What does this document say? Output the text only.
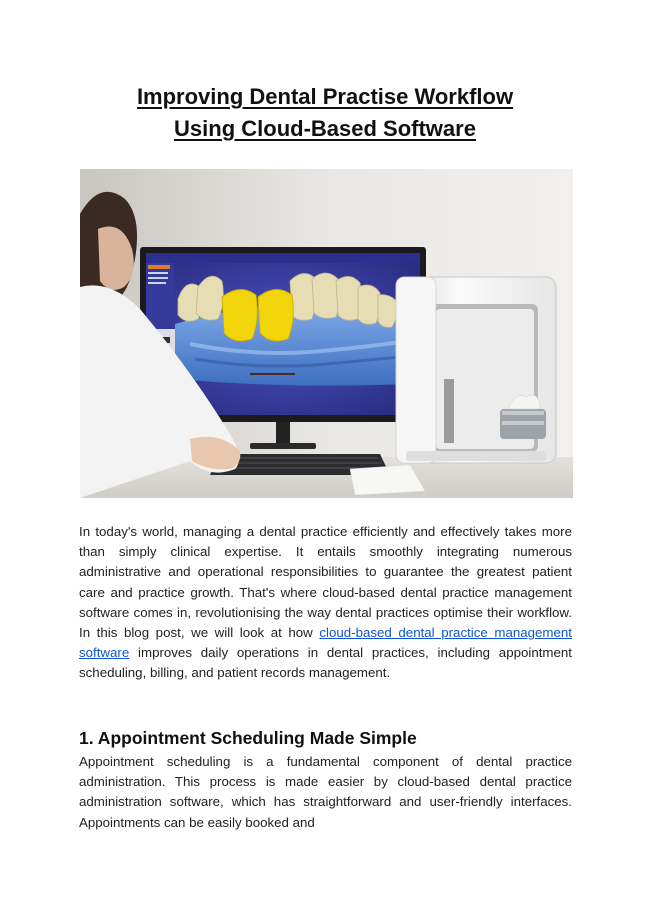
Improving Dental Practise Workflow
Using Cloud-Based Software

In today's world, managing a dental practice efficiently and effectively takes more than simply clinical expertise. It entails smoothly integrating numerous administrative and operational responsibilities to guarantee the greatest patient care and practice growth. That's where cloud-based dental practice management software comes in, revolutionising the way dental practices optimise their workflow. In this blog post, we will look at how cloud-based dental practice management software improves daily operations in dental practices, including appointment scheduling, billing, and patient records management.

1. Appointment Scheduling Made Simple

Appointment scheduling is a fundamental component of dental practice administration. This process is made easier by cloud-based dental practice administration software, which has straightforward and user-friendly interfaces. Appointments can be easily booked and
